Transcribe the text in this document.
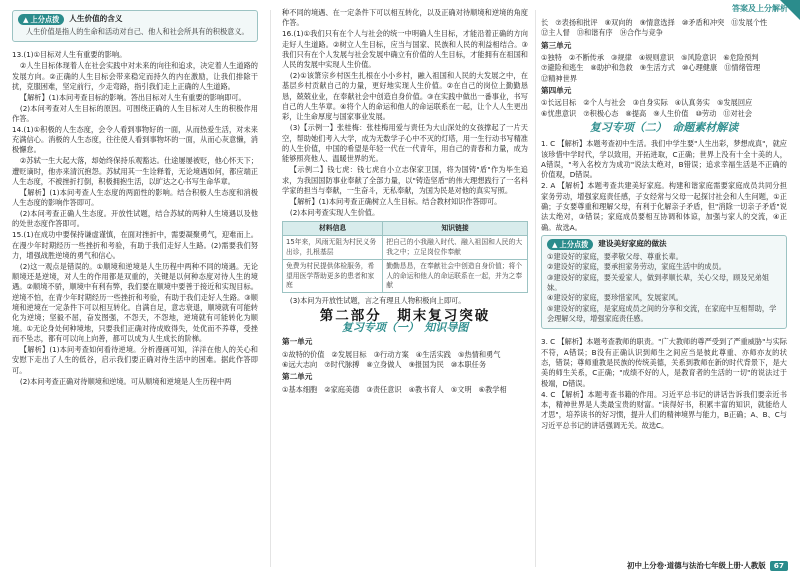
答案及上分解析
▲ 上分点拨 人生价值的含义
人生价值是指人的生命和活动对自己、他人和社会所具有的积极意义。

13.(1)①目标对人生有重要的影响。

②人生目标体现着人在社会实践中对未来的向往和追求，决定着人生道路的发展方向。②正确的人生目标会带来稳定而持久的内在激励，让我们排除干扰，克服困难，坚定前行，少走弯路，指引我们走上正确的人生道路。

【解析】(1)本问考查目标的影响。答出目标对人生有重要的影响即可。

(2)本问考查对人生目标的原因。可围绕正确的人生目标对人生的积极作用作答。

14.(1)①积极的人生态度，会令人看到事物好的一面，从而热爱生活，对未来充满信心。消极的人生态度，往往使人看到事物坏的一面，从而心灰意懒，消极懈怠。

②苏轼一生大起大落，却始终保持乐观豁达。仕途屡屡被贬，他心怀天下；遭贬谪时，他亦来清沉抱怨。苏轼用其一生诠释着，无论境遇如何，都应端正人生态度，不被挫折打倒，积极拥抱生活，以旷达之心书写生命华章。

【解析】(1)本问考查人生态度的两面性的影响。结合积极人生态度和消极人生态度的影响作答即可。

(2)本问考查正确人生态度。开放性试题，结合苏轼的两种人生境遇以及他的处世态度作答即可。

15.(1)在成功中要保持谦虚谨慎，在面对挫折中，需要凝聚勇气，迎难而上。在漫少年时期经历一些挫折和考验，有助于我们走好人生路。(2)需要我们努力，增强战胜逆境的勇气和信心。

(2)这一观点是错误的。①顺境和逆境是人生历程中两种不同的境遇。无论顺境还是逆境，对人生的作用都是双重的，关键是以何种态度对待人生的境遇。②顺境不骄，顺境中有利有弊，我们要在顺境中要善于接近和实现目标。逆境不怕，在青少年时期经历一些挫折和考验，有助于我们走好人生路。③顺境和逆境在一定条件下可以相互转化。自满自足，意志衰退，顺境就有可能转化为逆境；坚毅不屈，奋发图强，不怨天，不怨地，逆境就有可能转化为顺境。①无论身处何种境地，只要我们正确对待成败得失，处优而不养尊，受挫而不坠志，都有可以向上向善，都可以成为人生成长的阶梯。

【解析】(1)本问考查如何看待逆境。分析漫画可知，洋洋在他人的关心和安慰下走出了人生的低谷，启示我们要正确对待生活中的困难。据此作答即可。

(2)本问考查正确对待顺境和逆境。可从顺境和逆境是人生历程中两

种不同的境遇、在一定条件下可以相互转化，以及正确对待顺境和逆境的角度作答。

16.(1)①我们只有在个人与社会的统一中明确人生目标，才能沿着正确的方向走好人生道路。②树立人生目标，应当与国家、民族和人民的利益相结合。③我们只有在个人发展与社会发展中确立有价值的人生目标，才能拥有在祖国和人民的发展中实现人生价值。

(2)①该箫宗乡村医生扎根在小小乡村，融入祖国和人民的大发展之中，在基层乡村贡献自己的力量，更好地实现人生价值。②在自己的岗位上勤勤恳恳，兢兢业业，在奉献社会中创造自身价值。③在实践中做出一番事业，书写自己的人生华章。④将个人的命运和他人的命运联系在一起，让个人人生更出彩，让生命厚度与国家事业发展。

(3)【示例一】张桂梅：张桂梅用爱与责任为大山深处的女孩撑起了一片天空，帮助她们考入大学，成为无数学子心中不灭的灯塔，用一生行动书写精准的人生价值，中国的希望是年轻一代在一代青年，用自己的青春和力量，成为能够照亮他人、温暖世界的光。

【示例二】钱七虎：钱七虎自小立志保家卫国，将为国铸"盾"作为毕生追求，为我国国防事业奉献了全部力量，以"铸造坚盾"的伟大理想践行了一名科学家的担当与奉献，一生奋斗，无私奉献，为国为民是对他的真实写照。

【解析】(1)本问考查正确树立人生目标。结合教材知识作答即可。

(2)本问考查实现人生价值。

材料信息	知识链接
15年来，风雨无阻为村民义务出诊，扎根基层	把自己的小我融入时代、融入祖国和人民的大我之中；立足岗位作奉献
免费为村民提供体检服务，希望用医学帮助更多的患者和家庭	勤勤恳恳，在奉献社会中创造自身价值；将个人的命运和他人的命运联系在一起，并为之奉献

(3)本问为开放性试题，言之有理且人物积极向上即可。

第二部分　期末复习突破
复习专项（一）　知识导图
第一单元
①故特的价值 ②发展目标 ③行动方案 ④生活实践 ⑤热情和勇气
⑥远大志向 ⑦时代脉搏 ⑧立身做人 ⑨报国为民 ⑩本职任务
第二单元
①基本细胞 ②家庭美德 ③责任意识 ④教书育人 ⑤文明 ⑥教学相
长 ⑦表扬和批评 ⑧双向的 ⑨情意选择 ⑩矛盾和冲突 ⑪发展个性
⑫主人督 ⑬和谐有序 ⑭合作与竞争
第三单元
①独特 ②不断传承 ③规律 ④规则意识 ⑤风险意识 ⑥危险预判
⑦避险和逃生 ⑧助护和急救 ⑨生活方式 ⑩心理健康 ⑪情绪管理
⑫精神世界
第四单元
①长远目标 ②个人与社会 ③自身实际 ④认真务实 ⑤发展回应
⑥忧患意识 ⑦积极心态 ⑧提高 ⑨人生价值 ⑩劳动 ⑪对社会
复习专项（二）　命题素材解读

1. C 【解析】本题考查初中生活。我们中学生要"人生出彩，梦想成真"，就应该珍惜中学时代，学以致用，开拓进取，C正确；世界上没有十全十美的人，A错误，"考入名校方为成功"说法太绝对，B错误；追求幸福生活是不正确的价值观，D错误。

2. A 【解析】本题考查共建美好家庭。构建和谐家庭需要家庭成员共同分担家务劳动，增强家庭责任感，子女经常与父母一起探讨社会和人生问题，①正确；子女要尊重和理解父母，有利于化解亲子矛盾，但"消除一切亲子矛盾"说法太绝对，③错误；家庭成员要相互协调和体谅，加强与家人的交流，④正确。故选A。

▲ 上分点拨 建设美好家庭的做法
①建设好的家庭，要孝敬父母、尊重长辈。
②建设好的家庭，要承担家务劳动，家庭生活中的成员。
③建设好的家庭，要关爱家人，做到孝顺长辈，关心父母，顾及兄弟姐妹。
④建设好的家庭，要珍惜家风，发展家风。
⑤建设好的家庭，是家庭成员之间的分享和交流，在家庭中互相帮助，学会理解父母，增强家庭责任感。

3. C 【解析】本题考查教师的职责。"广大教师的尊严受到了严重威胁"与实际不符，A错误；B没有正确认识到师生之间应当是彼此尊重、亦师亦友的状态，错误；尊师重教是民族的传统美德，关系到教师在新的时代背景下，是大美的师生关系，C正确；"成绩不好的人，是教育者的生活的一切"的说法过于极端，D错误。

4. C 【解析】本题考查书籍的作用。习近平总书记的讲话告诉我们要亲近书本，精神世界是人类最宝贵的财富。"读得好书，积累丰富的知识，就能给人才思"，培养读书的好习惯，提升人们的精神境界与能力，B正确；A、B、C与习近平总书记的讲话强调无关。故选C。

初中上分卷·道德与法治七年级上册·人教版	67
